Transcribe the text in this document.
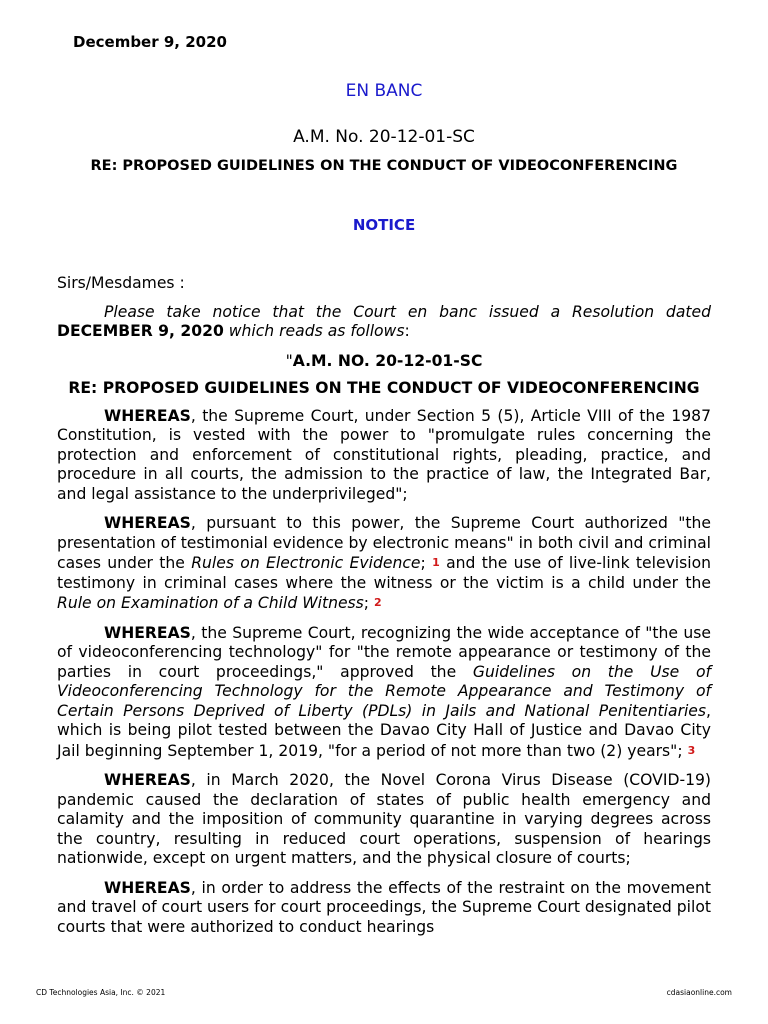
December 9, 2020
EN BANC
A.M. No. 20-12-01-SC
RE: PROPOSED GUIDELINES ON THE CONDUCT OF VIDEOCONFERENCING
NOTICE
Sirs/Mesdames :

Please take notice that the Court en banc issued a Resolution dated DECEMBER 9, 2020 which reads as follows:

"A.M. NO. 20-12-01-SC
RE: PROPOSED GUIDELINES ON THE CONDUCT OF VIDEOCONFERENCING

WHEREAS, the Supreme Court, under Section 5 (5), Article VIII of the 1987 Constitution, is vested with the power to "promulgate rules concerning the protection and enforcement of constitutional rights, pleading, practice, and procedure in all courts, the admission to the practice of law, the Integrated Bar, and legal assistance to the underprivileged";

WHEREAS, pursuant to this power, the Supreme Court authorized "the presentation of testimonial evidence by electronic means" in both civil and criminal cases under the Rules on Electronic Evidence; 1 and the use of live-link television testimony in criminal cases where the witness or the victim is a child under the Rule on Examination of a Child Witness; 2

WHEREAS, the Supreme Court, recognizing the wide acceptance of "the use of videoconferencing technology" for "the remote appearance or testimony of the parties in court proceedings," approved the Guidelines on the Use of Videoconferencing Technology for the Remote Appearance and Testimony of Certain Persons Deprived of Liberty (PDLs) in Jails and National Penitentiaries, which is being pilot tested between the Davao City Hall of Justice and Davao City Jail beginning September 1, 2019, "for a period of not more than two (2) years"; 3

WHEREAS, in March 2020, the Novel Corona Virus Disease (COVID-19) pandemic caused the declaration of states of public health emergency and calamity and the imposition of community quarantine in varying degrees across the country, resulting in reduced court operations, suspension of hearings nationwide, except on urgent matters, and the physical closure of courts;

WHEREAS, in order to address the effects of the restraint on the movement and travel of court users for court proceedings, the Supreme Court designated pilot courts that were authorized to conduct hearings

CD Technologies Asia, Inc. © 2021	cdasiaonline.com
